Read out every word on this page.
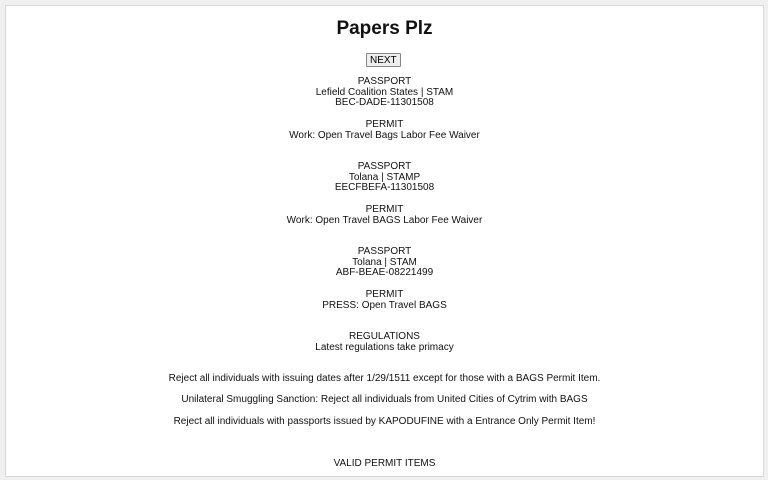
Papers Plz
NEXT
PASSPORT
Lefield Coalition States | STAM
BEC-DADE-11301508
PERMIT
Work: Open Travel Bags Labor Fee Waiver
PASSPORT
Tolana | STAMP
EECFBEFA-11301508
PERMIT
Work: Open Travel BAGS Labor Fee Waiver
PASSPORT
Tolana | STAM
ABF-BEAE-08221499
PERMIT
PRESS: Open Travel BAGS
REGULATIONS
Latest regulations take primacy
Reject all individuals with issuing dates after 1/29/1511 except for those with a BAGS Permit Item.
Unilateral Smuggling Sanction: Reject all individuals from United Cities of Cytrim with BAGS
Reject all individuals with passports issued by KAPODUFINE with a Entrance Only Permit Item!
VALID PERMIT ITEMS
